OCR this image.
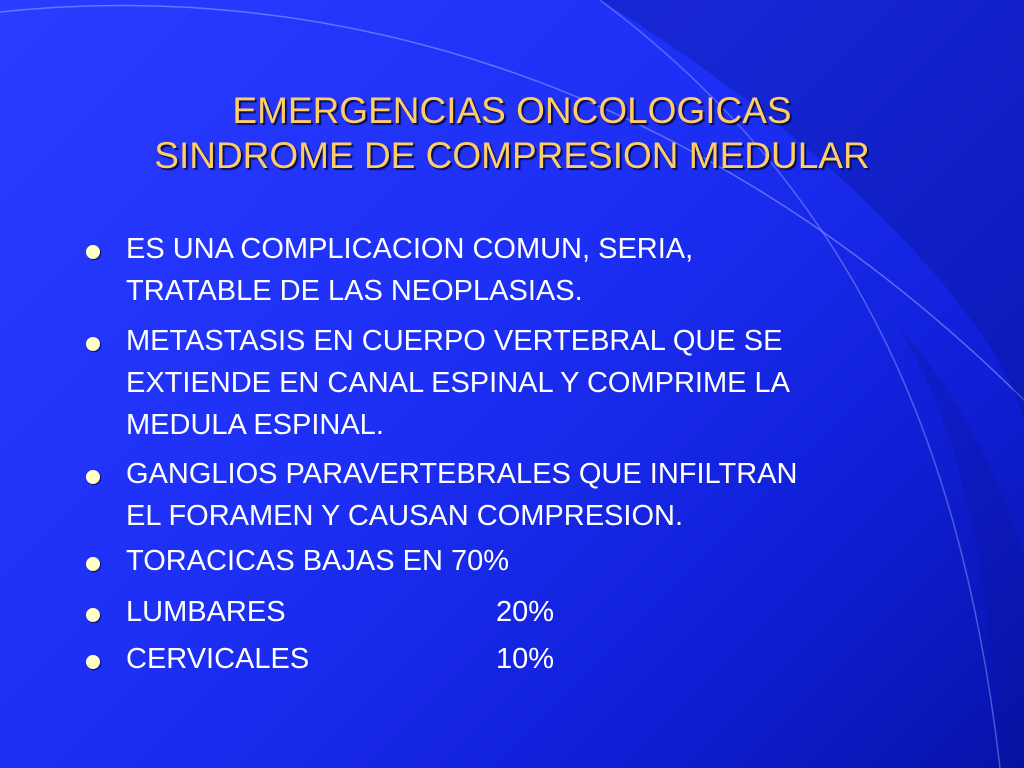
EMERGENCIAS ONCOLOGICAS
SINDROME DE COMPRESION MEDULAR
ES UNA COMPLICACION COMUN, SERIA,
TRATABLE DE LAS NEOPLASIAS.
METASTASIS EN CUERPO VERTEBRAL QUE SE
EXTIENDE EN CANAL ESPINAL Y COMPRIME LA
MEDULA ESPINAL.
GANGLIOS PARAVERTEBRALES QUE INFILTRAN
EL FORAMEN Y CAUSAN COMPRESION.
TORACICAS BAJAS EN 70%
LUMBARES	20%
CERVICALES	10%
